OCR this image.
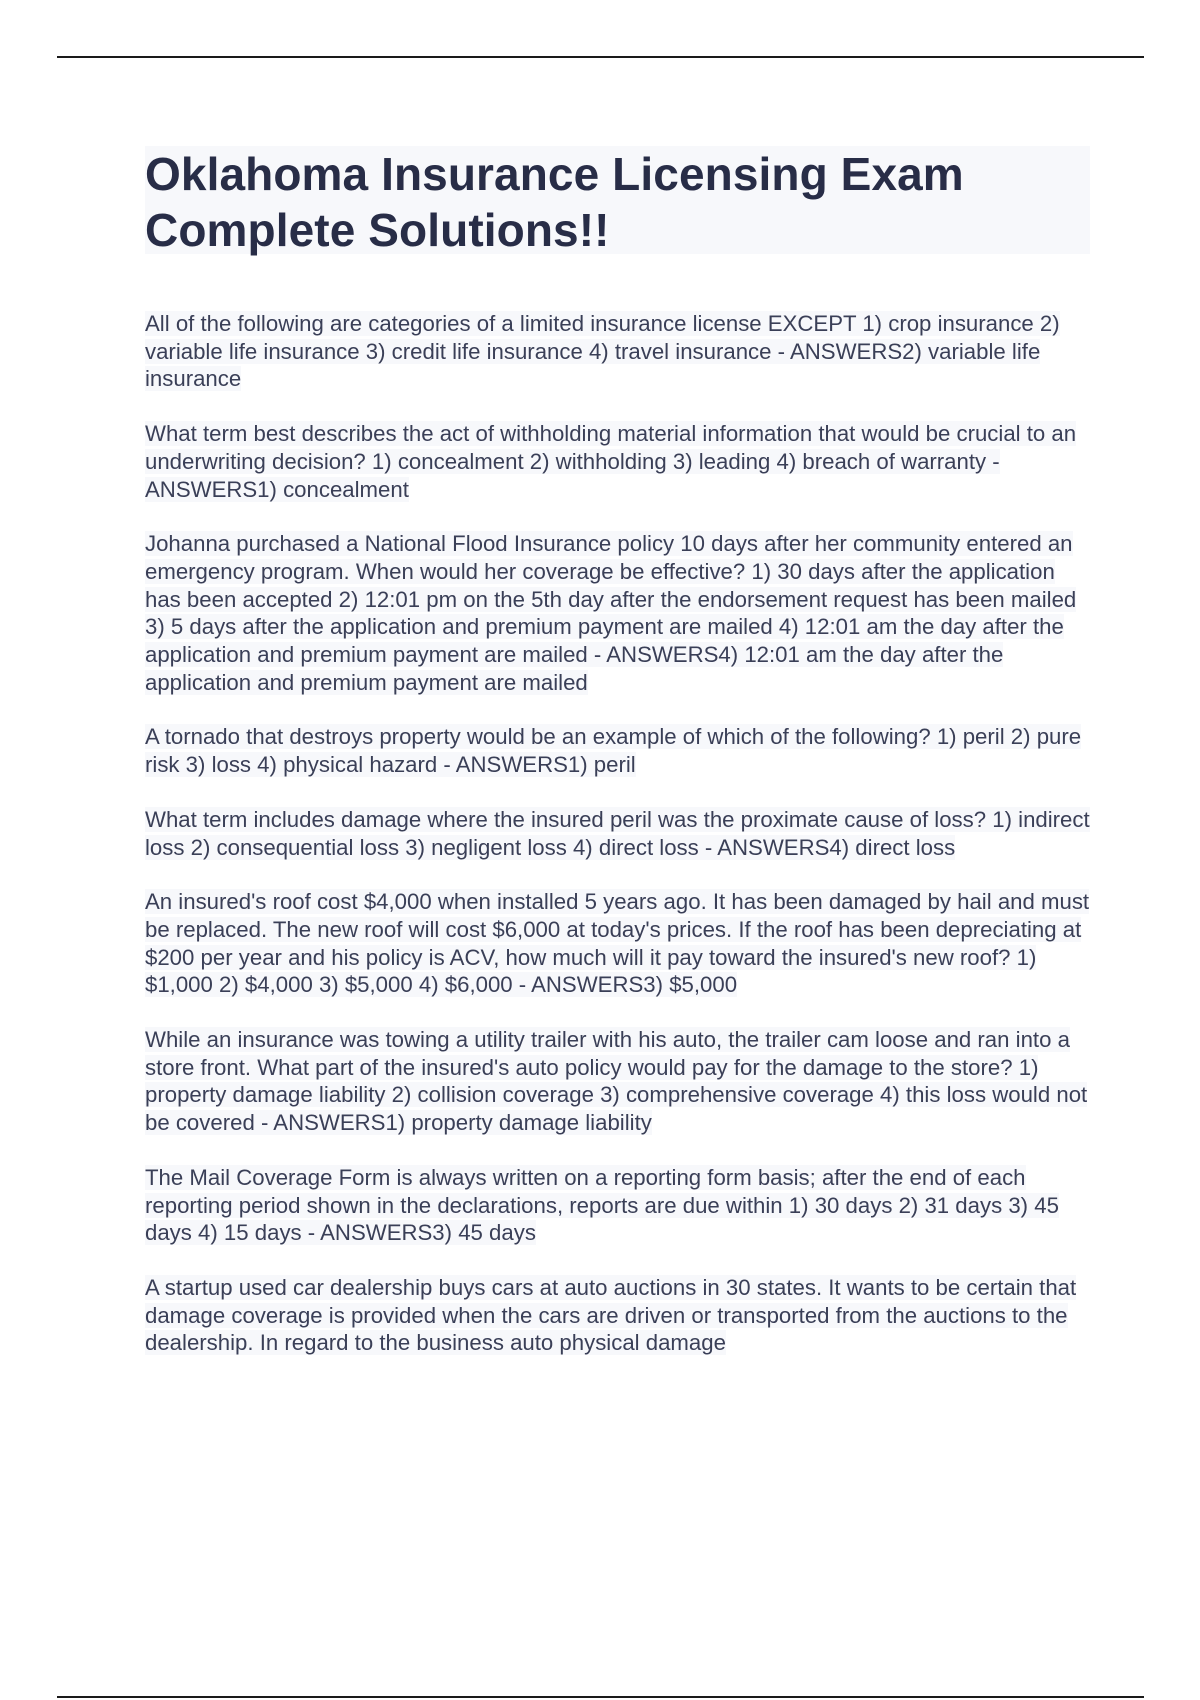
Oklahoma Insurance Licensing Exam Complete Solutions!!

All of the following are categories of a limited insurance license EXCEPT 1) crop insurance 2) variable life insurance 3) credit life insurance 4) travel insurance - ANSWERS2) variable life insurance

What term best describes the act of withholding material information that would be crucial to an underwriting decision? 1) concealment 2) withholding 3) leading 4) breach of warranty - ANSWERS1) concealment

Johanna purchased a National Flood Insurance policy 10 days after her community entered an emergency program. When would her coverage be effective? 1) 30 days after the application has been accepted 2) 12:01 pm on the 5th day after the endorsement request has been mailed 3) 5 days after the application and premium payment are mailed 4) 12:01 am the day after the application and premium payment are mailed - ANSWERS4) 12:01 am the day after the application and premium payment are mailed

A tornado that destroys property would be an example of which of the following? 1) peril 2) pure risk 3) loss 4) physical hazard - ANSWERS1) peril

What term includes damage where the insured peril was the proximate cause of loss? 1) indirect loss 2) consequential loss 3) negligent loss 4) direct loss - ANSWERS4) direct loss

An insured's roof cost $4,000 when installed 5 years ago. It has been damaged by hail and must be replaced. The new roof will cost $6,000 at today's prices. If the roof has been depreciating at $200 per year and his policy is ACV, how much will it pay toward the insured's new roof? 1) $1,000 2) $4,000 3) $5,000 4) $6,000 - ANSWERS3) $5,000

While an insurance was towing a utility trailer with his auto, the trailer cam loose and ran into a store front. What part of the insured's auto policy would pay for the damage to the store? 1) property damage liability 2) collision coverage 3) comprehensive coverage 4) this loss would not be covered - ANSWERS1) property damage liability

The Mail Coverage Form is always written on a reporting form basis; after the end of each reporting period shown in the declarations, reports are due within 1) 30 days 2) 31 days 3) 45 days 4) 15 days - ANSWERS3) 45 days

A startup used car dealership buys cars at auto auctions in 30 states. It wants to be certain that damage coverage is provided when the cars are driven or transported from the auctions to the dealership. In regard to the business auto physical damage
